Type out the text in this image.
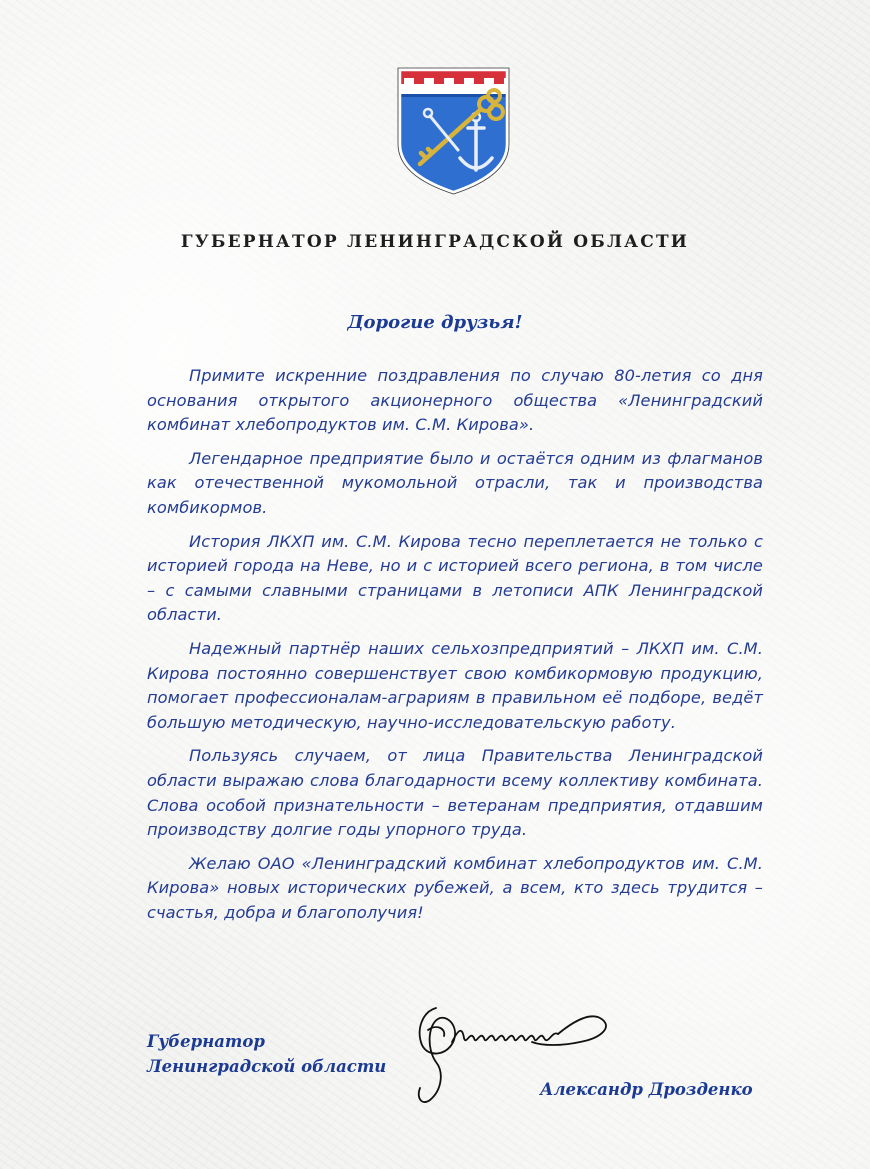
ГУБЕРНАТОР ЛЕНИНГРАДСКОЙ ОБЛАСТИ
Дорогие друзья!

Примите искренние поздравления по случаю 80-летия со дня основания открытого акционерного общества «Ленинградский комбинат хлебопродуктов им. С.М. Кирова».

Легендарное предприятие было и остаётся одним из флагманов как отечественной мукомольной отрасли, так и производства комбикормов.

История ЛКХП им. С.М. Кирова тесно переплетается не только с историей города на Неве, но и с историей всего региона, в том числе – с самыми славными страницами в летописи АПК Ленинградской области.

Надежный партнёр наших сельхозпредприятий – ЛКХП им. С.М. Кирова постоянно совершенствует свою комбикормовую продукцию, помогает профессионалам-аграриям в правильном её подборе, ведёт большую методическую, научно-исследовательскую работу.

Пользуясь случаем, от лица Правительства Ленинградской области выражаю слова благодарности всему коллективу комбината. Слова особой признательности – ветеранам предприятия, отдавшим производству долгие годы упорного труда.

Желаю ОАО «Ленинградский комбинат хлебопродуктов им. С.М. Кирова» новых исторических рубежей, а всем, кто здесь трудится – счастья, добра и благополучия!

Губернатор
Ленинградской области
Александр Дрозденко
